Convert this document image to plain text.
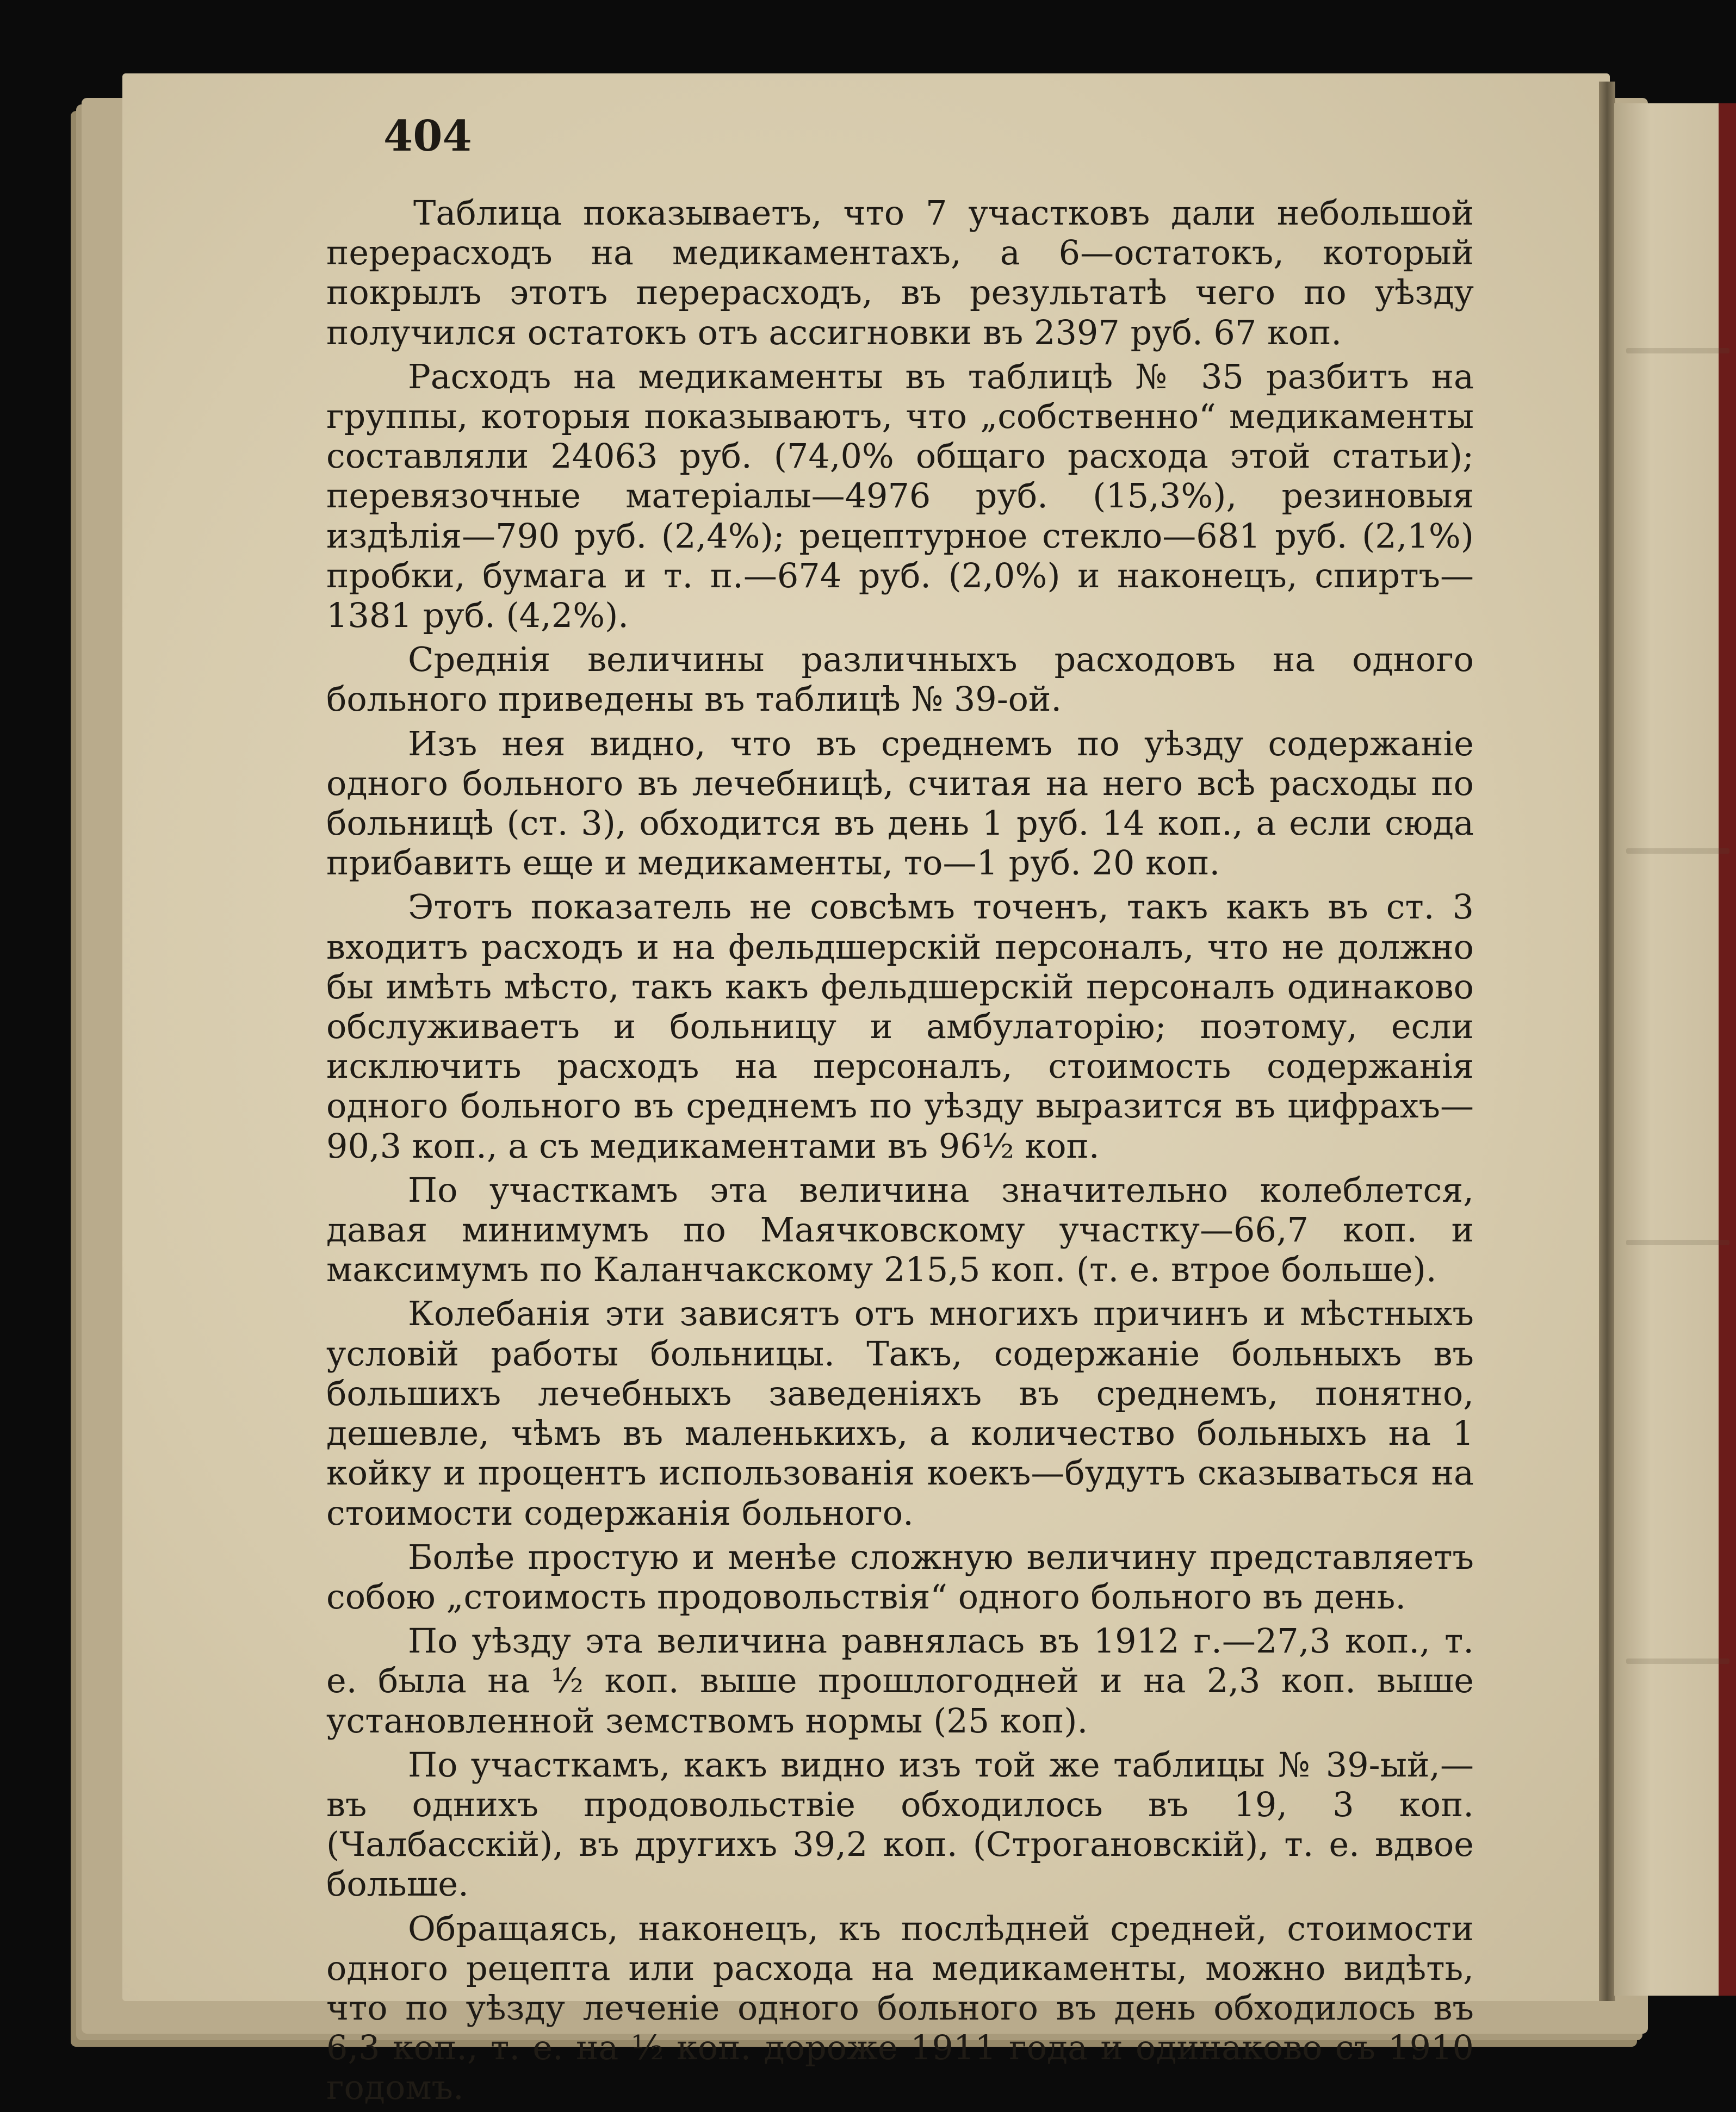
404

Таблица показываетъ, что 7 участковъ дали небольшой перерасходъ на медикаментахъ, а 6—остатокъ, который покрылъ этотъ перерасходъ, въ результатѣ чего по уѣзду получился остатокъ отъ ассигновки въ 2397 руб. 67 коп.

Расходъ на медикаменты въ таблицѣ № 35 разбитъ на группы, которыя показываютъ, что „собственно“ медикаменты составляли 24063 руб. (74,0% общаго расхода этой статьи); перевязочные матеріалы—4976 руб. (15,3%), резиновыя издѣлія—790 руб. (2,4%); рецептурное стекло—681 руб. (2,1%) пробки, бумага и т. п.—674 руб. (2,0%) и наконецъ, спиртъ—1381 руб. (4,2%).

Среднія величины различныхъ расходовъ на одного больного приведены въ таблицѣ № 39-ой.

Изъ нея видно, что въ среднемъ по уѣзду содержаніе одного больного въ лечебницѣ, считая на него всѣ расходы по больницѣ (ст. 3), обходится въ день 1 руб. 14 коп., а если сюда прибавить еще и медикаменты, то—1 руб. 20 коп.

Этотъ показатель не совсѣмъ точенъ, такъ какъ въ ст. 3 входитъ расходъ и на фельдшерскій персоналъ, что не должно бы имѣть мѣсто, такъ какъ фельдшерскій персоналъ одинаково обслуживаетъ и больницу и амбулаторію; поэтому, если исключить расходъ на персоналъ, стоимость содержанія одного больного въ среднемъ по уѣзду выразится въ цифрахъ—90,3 коп., а съ медикаментами въ 96½ коп.

По участкамъ эта величина значительно колеблется, давая минимумъ по Маячковскому участку—66,7 коп. и максимумъ по Каланчакскому 215,5 коп. (т. е. втрое больше).

Колебанія эти зависятъ отъ многихъ причинъ и мѣстныхъ условій работы больницы. Такъ, содержаніе больныхъ въ большихъ лечебныхъ заведеніяхъ въ среднемъ, понятно, дешевле, чѣмъ въ маленькихъ, а количество больныхъ на 1 койку и процентъ использованія коекъ—будутъ сказываться на стоимости содержанія больного.

Болѣе простую и менѣе сложную величину представляетъ собою „стоимость продовольствія“ одного больного въ день.

По уѣзду эта величина равнялась въ 1912 г.—27,3 коп., т. е. была на ½ коп. выше прошлогодней и на 2,3 коп. выше установленной земствомъ нормы (25 коп).

По участкамъ, какъ видно изъ той же таблицы № 39-ый,— въ однихъ продовольствіе обходилось въ 19, 3 коп. (Чалбасскій), въ другихъ 39,2 коп. (Строгановскій), т. е. вдвое больше.

Обращаясь, наконецъ, къ послѣдней средней, стоимости одного рецепта или расхода на медикаменты, можно видѣть, что по уѣзду леченіе одного больного въ день обходилось въ 6,3 коп., т. е. на ½ коп. дороже 1911 года и одинаково съ 1910 годомъ.
